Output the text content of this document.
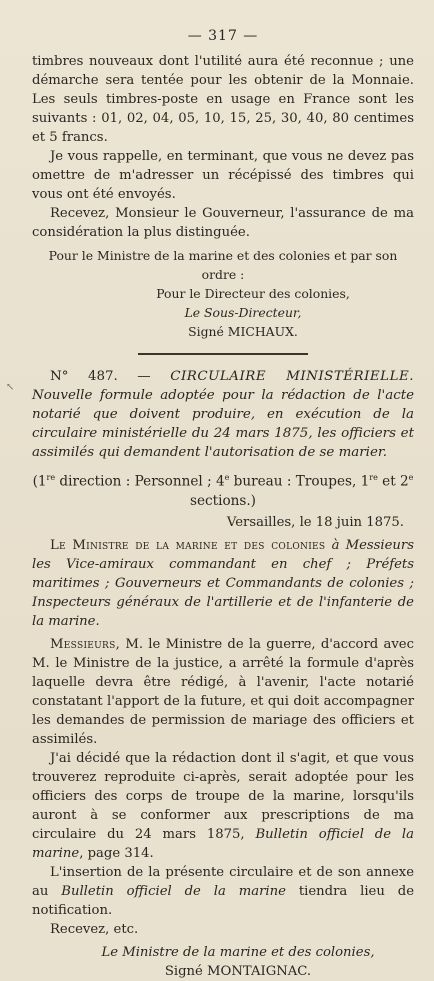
↖
— 317 —

timbres nouveaux dont l'utilité aura été reconnue ; une démarche sera tentée pour les obtenir de la Monnaie. Les seuls timbres-poste en usage en France sont les suivants : 01, 02, 04, 05, 10, 15, 25, 30, 40, 80 centimes et 5 francs.

Je vous rappelle, en terminant, que vous ne devez pas omettre de m'adresser un récépissé des timbres qui vous ont été envoyés.

Recevez, Monsieur le Gouverneur, l'assurance de ma considération la plus distinguée.

Pour le Ministre de la marine et des colonies et par son ordre :

Pour le Directeur des colonies,

Le Sous-Directeur,

Signé MICHAUX.

N° 487. — CIRCULAIRE MINISTÉRIELLE. Nouvelle formule adoptée pour la rédaction de l'acte notarié que doivent produire, en exécution de la circulaire ministérielle du 24 mars 1875, les officiers et assimilés qui demandent l'autorisation de se marier.

(1re direction : Personnel ; 4e bureau : Troupes, 1re et 2e sections.)

Versailles, le 18 juin 1875.

Le Ministre de la marine et des colonies à Messieurs les Vice-amiraux commandant en chef ; Préfets maritimes ; Gouverneurs et Commandants de colonies ; Inspecteurs généraux de l'artillerie et de l'infanterie de la marine.

Messieurs, M. le Ministre de la guerre, d'accord avec M. le Ministre de la justice, a arrêté la formule d'après laquelle devra être rédigé, à l'avenir, l'acte notarié constatant l'apport de la future, et qui doit accompagner les demandes de permission de mariage des officiers et assimilés.

J'ai décidé que la rédaction dont il s'agit, et que vous trouverez reproduite ci-après, serait adoptée pour les officiers des corps de troupe de la marine, lorsqu'ils auront à se conformer aux prescriptions de ma circulaire du 24 mars 1875, Bulletin officiel de la marine, page 314.

L'insertion de la présente circulaire et de son annexe au Bulletin officiel de la marine tiendra lieu de notification.

Recevez, etc.

Le Ministre de la marine et des colonies,

Signé MONTAIGNAC.
